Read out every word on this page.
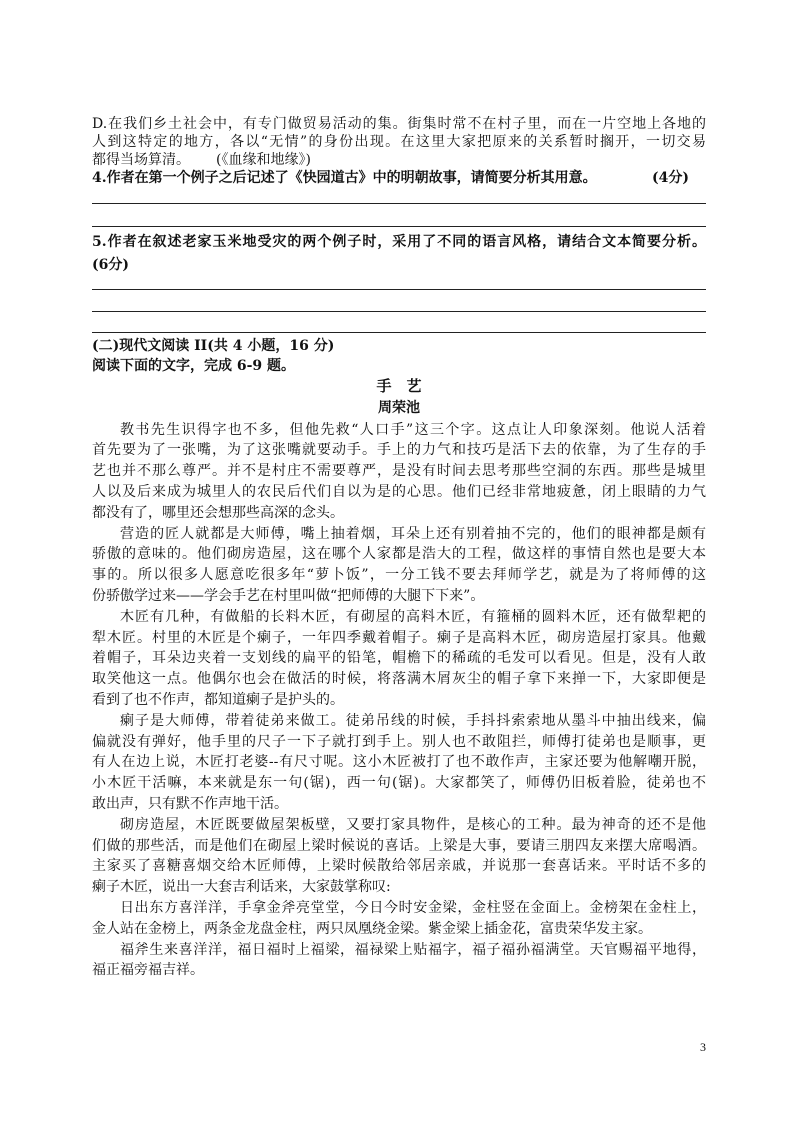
D.在我们乡土社会中，有专门做贸易活动的集。街集时常不在村子里，而在一片空地上各地的
人到这特定的地方，各以“无情”的身份出现。在这里大家把原来的关系暂时搁开，一切交易
都得当场算清。 (《血缘和地缘》)
4.作者在第一个例子之后记述了《快园道古》中的明朝故事，请简要分析其用意。	(4分)
5.作者在叙述老家玉米地受灾的两个例子时，采用了不同的语言风格，请结合文本简要分析。
(6分)
(二)现代文阅读 II(共 4 小题，16 分)
阅读下面的文字，完成 6-9 题。
手　艺
周荣池
教书先生识得字也不多，但他先救“人口手”这三个字。这点让人印象深刻。他说人活着
首先要为了一张嘴，为了这张嘴就要动手。手上的力气和技巧是活下去的依靠，为了生存的手
艺也并不那么尊严。并不是村庄不需要尊严，是没有时间去思考那些空洞的东西。那些是城里
人以及后来成为城里人的农民后代们自以为是的心思。他们已经非常地疲惫，闭上眼睛的力气
都没有了，哪里还会想那些高深的念头。
营造的匠人就都是大师傅，嘴上抽着烟，耳朵上还有别着抽不完的，他们的眼神都是颇有
骄傲的意味的。他们砌房造屋，这在哪个人家都是浩大的工程，做这样的事情自然也是要大本
事的。所以很多人愿意吃很多年“萝卜饭”，一分工钱不要去拜师学艺，就是为了将师傅的这
份骄傲学过来——学会手艺在村里叫做“把师傅的大腿下下来”。
木匠有几种，有做船的长料木匠，有砌屋的高料木匠，有箍桶的圆料木匠，还有做犁耙的
犁木匠。村里的木匠是个瘌子，一年四季戴着帽子。瘌子是高料木匠，砌房造屋打家具。他戴
着帽子，耳朵边夹着一支划线的扁平的铅笔，帽檐下的稀疏的毛发可以看见。但是，没有人敢
取笑他这一点。他偶尔也会在做活的时候，将落满木屑灰尘的帽子拿下来掸一下，大家即便是
看到了也不作声，都知道瘌子是护头的。
瘌子是大师傅，带着徒弟来做工。徒弟吊线的时候，手抖抖索索地从墨斗中抽出线来，偏
偏就没有弹好，他手里的尺子一下子就打到手上。别人也不敢阻拦，师傅打徒弟也是顺事，更
有人在边上说，木匠打老婆--有尺寸呢。这小木匠被打了也不敢作声，主家还要为他解嘲开脱，
小木匠干活嘛，本来就是东一句(锯)，西一句(锯)。大家都笑了，师傅仍旧板着脸，徒弟也不
敢出声，只有默不作声地干活。
砌房造屋，木匠既要做屋架板壁，又要打家具物件，是核心的工种。最为神奇的还不是他
们做的那些活，而是他们在砌屋上梁时候说的喜话。上梁是大事，要请三朋四友来摆大席喝酒。
主家买了喜糖喜烟交给木匠师傅，上梁时候散给邻居亲戚，并说那一套喜话来。平时话不多的
瘌子木匠，说出一大套吉利话来，大家鼓掌称叹:
日出东方喜洋洋，手拿金斧亮堂堂，今日今时安金梁，金柱竖在金面上。金榜架在金柱上，
金人站在金榜上，两条金龙盘金柱，两只凤凰绕金梁。紫金梁上插金花，富贵荣华发主家。
福斧生来喜洋洋，福日福时上福梁，福禄梁上贴福字，福子福孙福满堂。天官赐福平地得，
福正福旁福吉祥。
3
